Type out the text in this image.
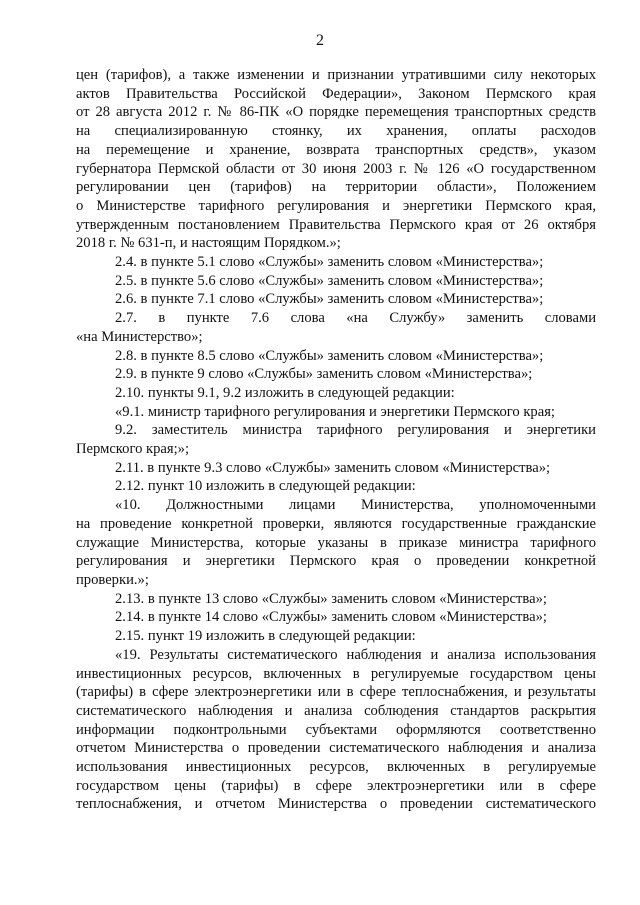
2
цен (тарифов), а также изменении и признании утратившими силу некоторых
актов Правительства Российской Федерации», Законом Пермского края
от 28 августа 2012 г. № 86-ПК «О порядке перемещения транспортных средств
на специализированную стоянку, их хранения, оплаты расходов
на перемещение и хранение, возврата транспортных средств», указом
губернатора Пермской области от 30 июня 2003 г. № 126 «О государственном
регулировании цен (тарифов) на территории области», Положением
о Министерстве тарифного регулирования и энергетики Пермского края,
утвержденным постановлением Правительства Пермского края от 26 октября
2018 г. № 631-п, и настоящим Порядком.»;
2.4. в пункте 5.1 слово «Службы» заменить словом «Министерства»;
2.5. в пункте 5.6 слово «Службы» заменить словом «Министерства»;
2.6. в пункте 7.1 слово «Службы» заменить словом «Министерства»;
2.7. в пункте 7.6 слова «на Службу» заменить словами
«на Министерство»;
2.8. в пункте 8.5 слово «Службы» заменить словом «Министерства»;
2.9. в пункте 9 слово «Службы» заменить словом «Министерства»;
2.10. пункты 9.1, 9.2 изложить в следующей редакции:
«9.1. министр тарифного регулирования и энергетики Пермского края;
9.2. заместитель министра тарифного регулирования и энергетики
Пермского края;»;
2.11. в пункте 9.3 слово «Службы» заменить словом «Министерства»;
2.12. пункт 10 изложить в следующей редакции:
«10. Должностными лицами Министерства, уполномоченными
на проведение конкретной проверки, являются государственные гражданские
служащие Министерства, которые указаны в приказе министра тарифного
регулирования и энергетики Пермского края о проведении конкретной
проверки.»;
2.13. в пункте 13 слово «Службы» заменить словом «Министерства»;
2.14. в пункте 14 слово «Службы» заменить словом «Министерства»;
2.15. пункт 19 изложить в следующей редакции:
«19. Результаты систематического наблюдения и анализа использования
инвестиционных ресурсов, включенных в регулируемые государством цены
(тарифы) в сфере электроэнергетики или в сфере теплоснабжения, и результаты
систематического наблюдения и анализа соблюдения стандартов раскрытия
информации подконтрольными субъектами оформляются соответственно
отчетом Министерства о проведении систематического наблюдения и анализа
использования инвестиционных ресурсов, включенных в регулируемые
государством цены (тарифы) в сфере электроэнергетики или в сфере
теплоснабжения, и отчетом Министерства о проведении систематического
